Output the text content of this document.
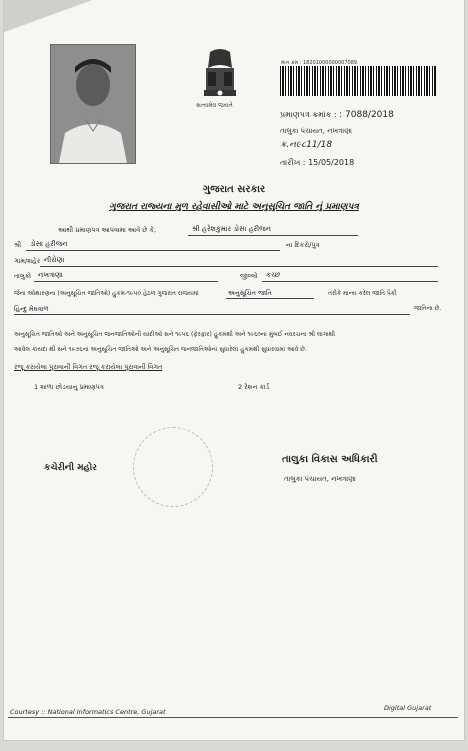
સત્યમેવ જયતે
માન ક્રમ : 18201000000007089
પ્રમાણપત્ર ક્રમાંક : : 7088/2018
તાલુકા પંચાયત, નખત્રાણા
ક્ર.ન૯૮11/18
તારીખ : 15/05/2018
ગુજરાત સરકાર
ગુજરાત રાજ્યના મુળ રહેવાસીઓ માટે અનુસુચિત જાતિ નું પ્રમાણપત્ર
આથી પ્રમાણપત્ર આપવામા આવે છે કે,	શ્રી હરેશકુમાર ડોસા હરીજન
શ્રી ડોસા હરીજન	ના દિકરો/પુત્ર
ગામ/શહેર નીરોણા
તાલુકો નખત્રાણા	જીલ્લો કચ્છ
જેના ઓથારણના (અનુસૂચિત જાતિઓ) હુકમ-૧૯૫૦ હેઠળ ગુજરાત રાજયમાં	અનુસૂચિત જાતિ	તરીકે માન્ય કરેલ જાતિ પૈકી
હિન્દુ મેઘવાળ	જાતિના છે.
અનુસૂચિત જાતિઓ અને અનુસૂચિત જનજાતિઓની યાદીઓ સને ૧૯૫૬ (ફેરફાર) હુકમથી અને ૧૯૬૦ના મુંબઈ નવરચના શ્રી લાગાથી
આવેલ કાયદા થી સને ૧૯૭૬ના અનુસૂચિત જાતિઓ અને અનુસૂચિત જનજાતિઓના સુધારેલા હુકમથી સુધારવામાં આવે છે.
રજૂ કરાયેલા પુરાવાની વિગત રજૂ કરાયેલા પુરાવાની વિગત
1 શાળા છોડયાનુ પ્રમાણપત્ર	2 રેશન કાર્ડ
કચેરીની મહોર
તાલુકા વિકાસ અધિકારી
તાલુકા પંચાયત, નખત્રાણા
Courtesy :: National Informatics Centre, Gujarat	Digital Gujarat
